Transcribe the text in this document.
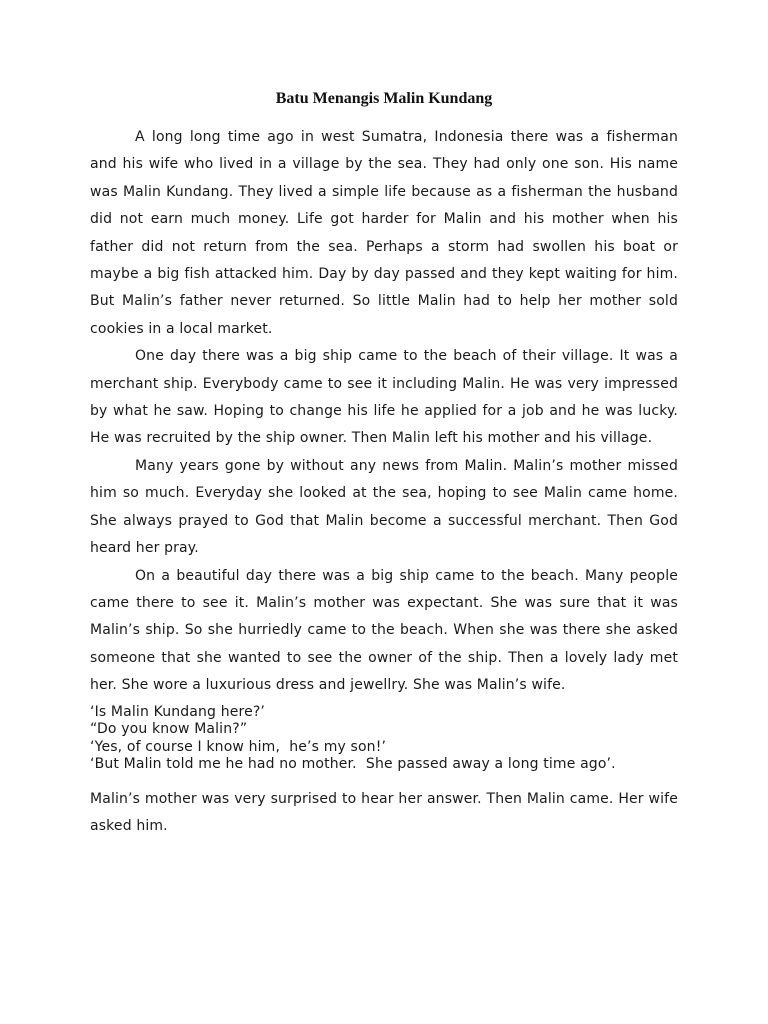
Batu Menangis Malin Kundang

A long long time ago in west Sumatra, Indonesia there was a fisherman and his wife who lived in a village by the sea. They had only one son. His name was Malin Kundang. They lived a simple life because as a fisherman the husband did not earn much money. Life got harder for Malin and his mother when his father did not return from the sea. Perhaps a storm had swollen his boat or maybe a big fish attacked him. Day by day passed and they kept waiting for him. But Malin’s father never returned. So little Malin had to help her mother sold cookies in a local market.

One day there was a big ship came to the beach of their village. It was a merchant ship. Everybody came to see it including Malin. He was very impressed by what he saw. Hoping to change his life he applied for a job and he was lucky. He was recruited by the ship owner. Then Malin left his mother and his village.

Many years gone by without any news from Malin. Malin’s mother missed him so much. Everyday she looked at the sea, hoping to see Malin came home. She always prayed to God that Malin become a successful merchant. Then God heard her pray.

On a beautiful day there was a big ship came to the beach. Many people came there to see it. Malin’s mother was expectant. She was sure that it was Malin’s ship. So she hurriedly came to the beach. When she was there she asked someone that she wanted to see the owner of the ship. Then a lovely lady met her. She wore a luxurious dress and jewellry. She was Malin’s wife.

‘Is Malin Kundang here?’

“Do you know Malin?”

‘Yes, of course I know him,  he’s my son!’

‘But Malin told me he had no mother.  She passed away a long time ago’.

Malin’s mother was very surprised to hear her answer. Then Malin came. Her wife asked him.
